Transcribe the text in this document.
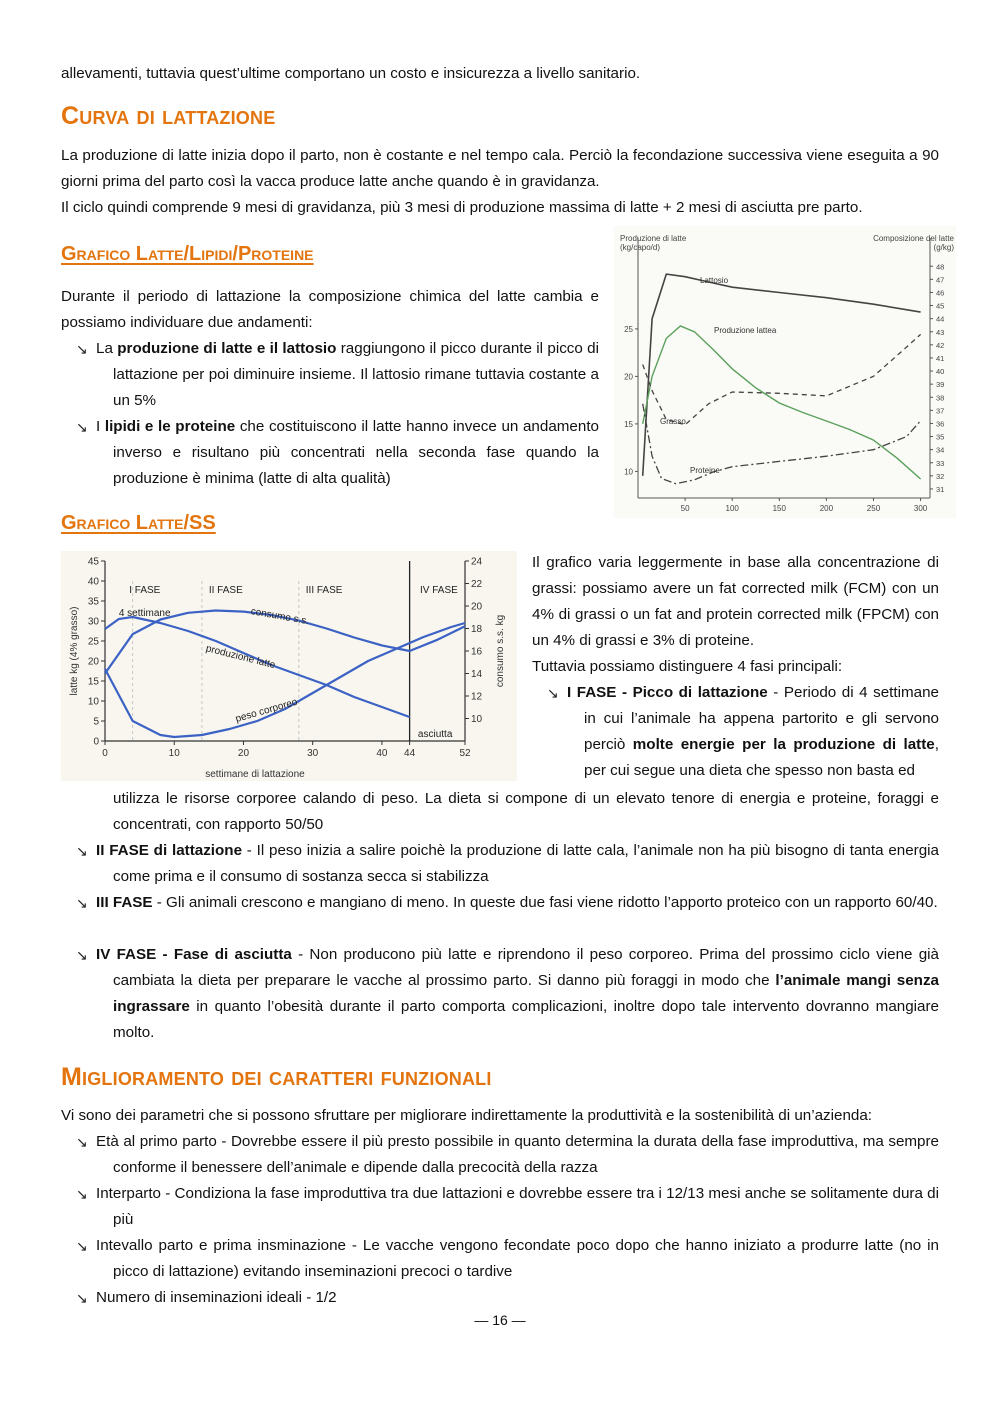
allevamenti, tuttavia quest’ultime comportano un costo e insicurezza a livello sanitario.
Curva di lattazione
La produzione di latte inizia dopo il parto, non è costante e nel tempo cala. Perciò la fecondazione successiva viene eseguita a 90 giorni prima del parto così la vacca produce latte anche quando è in gravidanza.
Il ciclo quindi comprende 9 mesi di gravidanza, più 3 mesi di produzione massima di latte + 2 mesi di asciutta pre parto.
Grafico Latte/Lipidi/Proteine
Durante il periodo di lattazione la composizione chimica del latte cambia e possiamo individuare due andamenti:
↘ La produzione di latte e il lattosio raggiungono il picco durante il picco di lattazione per poi diminuire insieme. Il lattosio rimane tuttavia costante a un 5%
↘ I lipidi e le proteine che costituiscono il latte hanno invece un andamento inverso e risultano più concentrati nella seconda fase quando la produzione è minima (latte di alta qualità)
Produzione di latte
(kg/capo/d)
Composizione del latte
(g/kg)
10
15
20
25
31
32
33
34
35
36
37
38
39
40
41
42
43
44
45
46
47
48
50	100	150	200	250	300
Lattosio
Produzione lattea
Grasso
Proteine
Grafico Latte/SS
0
5
10
15
20
25
30
35
40
45
10
12
14
16
18
20
22
24
0	10	20	30	40 44	52
settimane di lattazione
latte kg (4% grasso)	consumo s.s. kg
I FASE	II FASE	III FASE	IV FASE
4 settimane
asciutta
produzione latte
consumo s.s.
peso corporeo
Il grafico varia leggermente in base alla concentrazione di grassi: possiamo avere un fat corrected milk (FCM) con un 4% di grassi o un fat and protein corrected milk (FPCM) con un 4% di grassi e 3% di proteine.
Tuttavia possiamo distinguere 4 fasi principali:
↘ I FASE - Picco di lattazione - Periodo di 4 settimane in cui l’animale ha appena partorito e gli servono perciò molte energie per la produzione di latte, per cui segue una dieta che spesso non basta ed
utilizza le risorse corporee calando di peso. La dieta si compone di un elevato tenore di energia e proteine, foraggi e concentrati, con rapporto 50/50
↘ II FASE di lattazione - Il peso inizia a salire poichè la produzione di latte cala, l’animale non ha più bisogno di tanta energia come prima e il consumo di sostanza secca si stabilizza
↘ III FASE - Gli animali crescono e mangiano di meno. In queste due fasi viene ridotto l’apporto proteico con un rapporto 60/40.
↘ IV FASE - Fase di asciutta - Non producono più latte e riprendono il peso corporeo. Prima del prossimo ciclo viene già cambiata la dieta per preparare le vacche al prossimo parto. Si danno più foraggi in modo che l’animale mangi senza ingrassare in quanto l’obesità durante il parto comporta complicazioni, inoltre dopo tale intervento dovranno mangiare molto.
Miglioramento dei caratteri funzionali
Vi sono dei parametri che si possono sfruttare per migliorare indirettamente la produttività e la sostenibilità di un’azienda:
↘ Età al primo parto - Dovrebbe essere il più presto possibile in quanto determina la durata della fase improduttiva, ma sempre conforme il benessere dell’animale e dipende dalla precocità della razza
↘ Interparto - Condiziona la fase improduttiva tra due lattazioni e dovrebbe essere tra i 12/13 mesi anche se solitamente dura di più
↘ Intevallo parto e prima insminazione - Le vacche vengono fecondate poco dopo che hanno iniziato a produrre latte (no in picco di lattazione) evitando inseminazioni precoci o tardive
↘ Numero di inseminazioni ideali - 1/2
— 16 —
